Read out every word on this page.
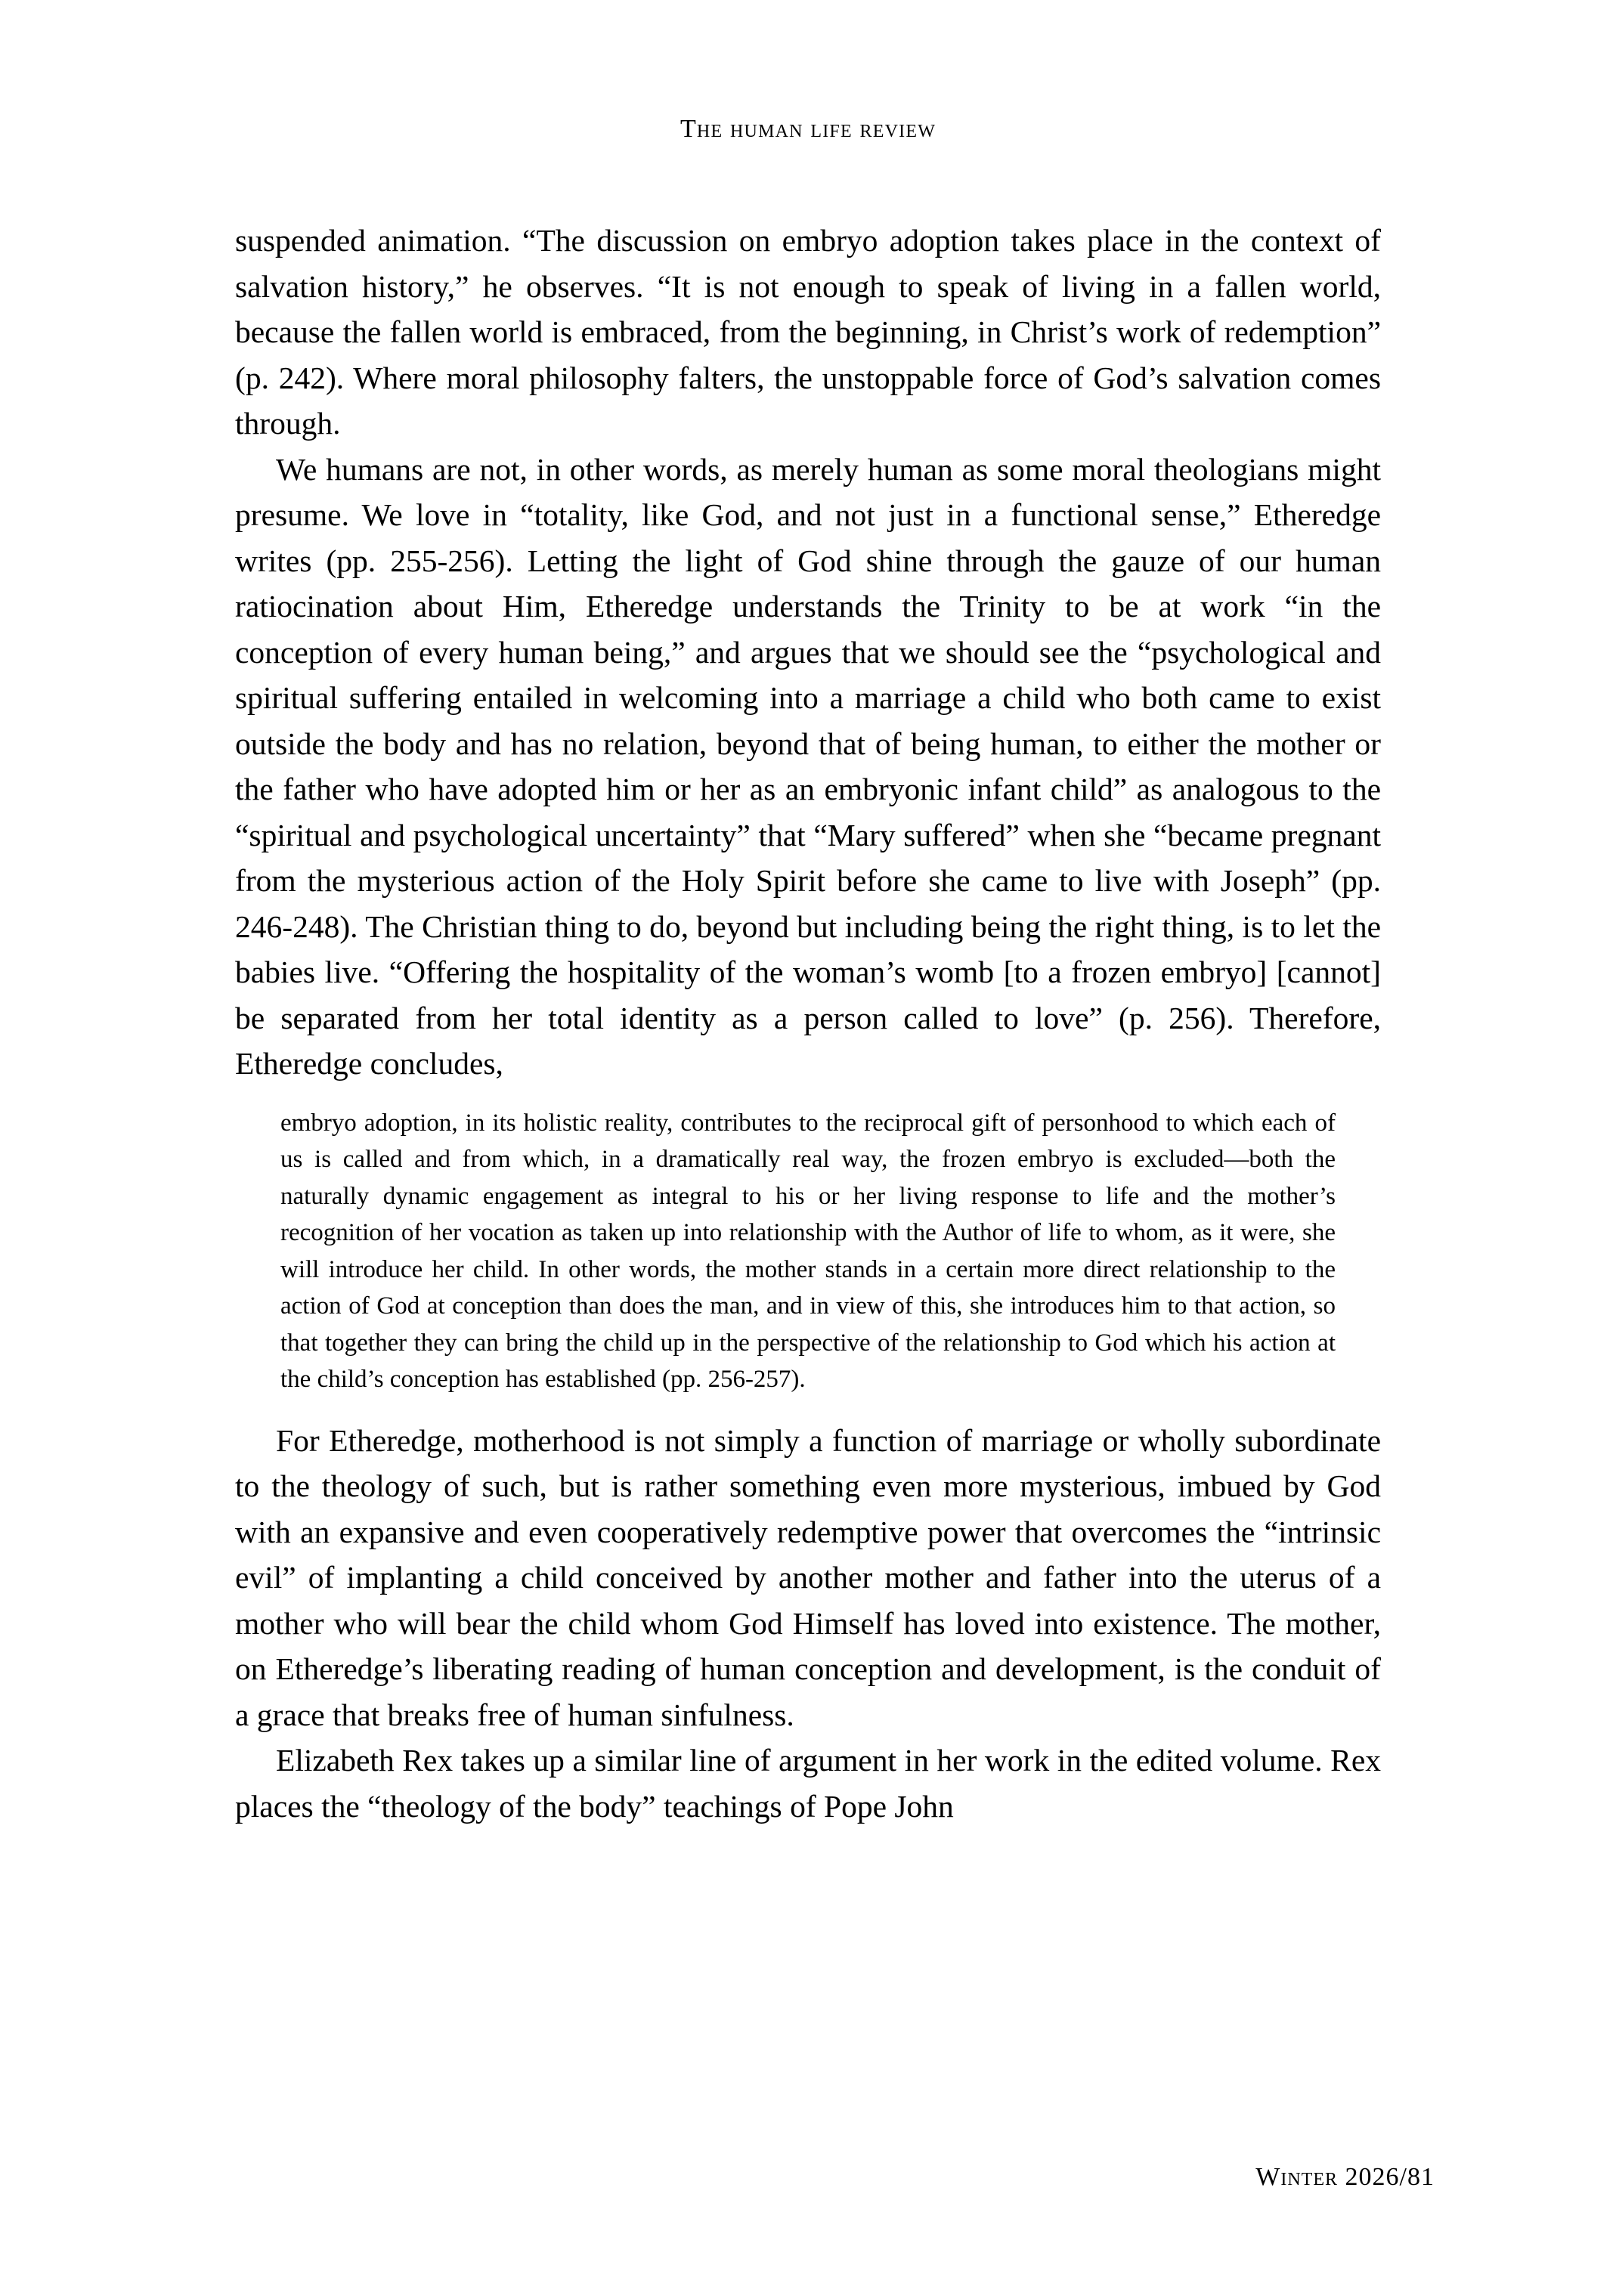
The human life review

suspended animation. “The discussion on embryo adoption takes place in the context of salvation history,” he observes. “It is not enough to speak of living in a fallen world, because the fallen world is embraced, from the beginning, in Christ’s work of redemption” (p. 242). Where moral philosophy falters, the unstoppable force of God’s salvation comes through.

We humans are not, in other words, as merely human as some moral theologians might presume. We love in “totality, like God, and not just in a functional sense,” Etheredge writes (pp. 255-256). Letting the light of God shine through the gauze of our human ratiocination about Him, Etheredge understands the Trinity to be at work “in the conception of every human being,” and argues that we should see the “psychological and spiritual suffering entailed in welcoming into a marriage a child who both came to exist outside the body and has no relation, beyond that of being human, to either the mother or the father who have adopted him or her as an embryonic infant child” as analogous to the “spiritual and psychological uncertainty” that “Mary suffered” when she “became pregnant from the mysterious action of the Holy Spirit before she came to live with Joseph” (pp. 246-248). The Christian thing to do, beyond but including being the right thing, is to let the babies live. “Offering the hospitality of the woman’s womb [to a frozen embryo] [cannot] be separated from her total identity as a person called to love” (p. 256). Therefore, Etheredge concludes,

embryo adoption, in its holistic reality, contributes to the reciprocal gift of personhood to which each of us is called and from which, in a dramatically real way, the frozen embryo is excluded—both the naturally dynamic engagement as integral to his or her living response to life and the mother’s recognition of her vocation as taken up into relationship with the Author of life to whom, as it were, she will introduce her child. In other words, the mother stands in a certain more direct relationship to the action of God at conception than does the man, and in view of this, she introduces him to that action, so that together they can bring the child up in the perspective of the relationship to God which his action at the child’s conception has established (pp. 256-257).

For Etheredge, motherhood is not simply a function of marriage or wholly subordinate to the theology of such, but is rather something even more mysterious, imbued by God with an expansive and even cooperatively redemptive power that overcomes the “intrinsic evil” of implanting a child conceived by another mother and father into the uterus of a mother who will bear the child whom God Himself has loved into existence. The mother, on Etheredge’s liberating reading of human conception and development, is the conduit of a grace that breaks free of human sinfulness.

Elizabeth Rex takes up a similar line of argument in her work in the edited volume. Rex places the “theology of the body” teachings of Pope John

Winter 2026/81
